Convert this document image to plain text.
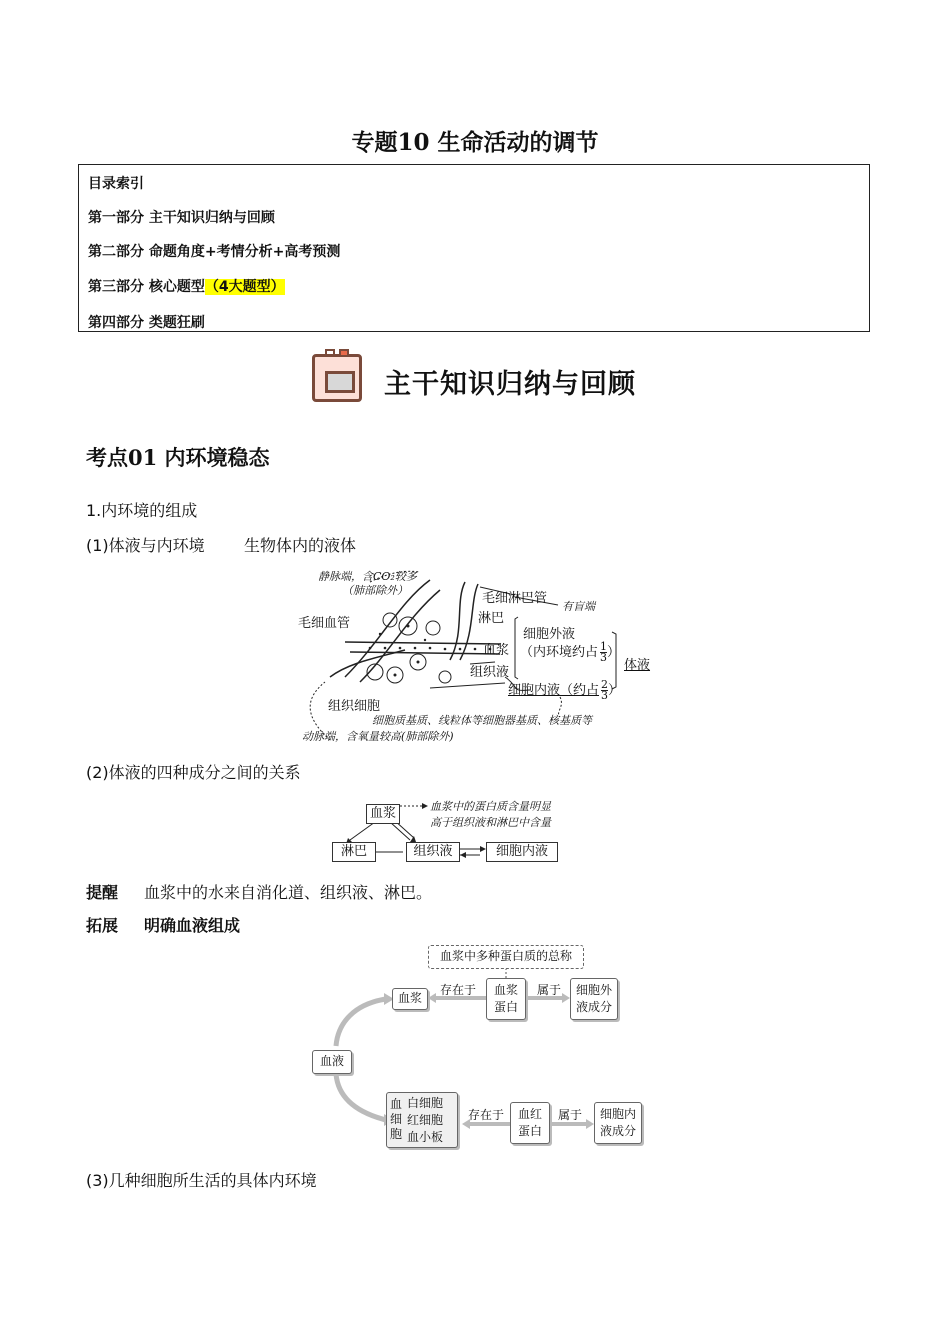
专题10 生命活动的调节
目录索引
第一部分 主干知识归纳与回顾
第二部分 命题角度+考情分析+高考预测
第三部分 核心题型（4大题型）
第四部分 类题狂刷
主干知识归纳与回顾
考点01 内环境稳态
1.内环境的组成
(1)体液与内环境 生物体内的液体
静脉端，含CO₂较多
（肺部除外）
毛细淋巴管
有盲端
毛细血管	淋巴
血浆
细胞外液
（内环境约占 $\frac{1}{3}$）
组织液	体液
细胞内液（约占 $\frac{2}{3}$）
组织细胞
细胞质基质、线粒体等细胞器基质、核基质等
动脉端，含氧量较高(肺部除外)
(2)体液的四种成分之间的关系
血浆
淋巴	组织液	细胞内液
血浆中的蛋白质含量明显
高于组织液和淋巴中含量
提醒 血浆中的水来自消化道、组织液、淋巴。
拓展 明确血液组成
血浆中多种蛋白质的总称
血浆
存在于	血浆
蛋白
属于	细胞外
液成分
血液
血
细
胞
白细胞
红细胞
血小板
存在于	血红
蛋白
属于	细胞内
液成分
(3)几种细胞所生活的具体内环境
